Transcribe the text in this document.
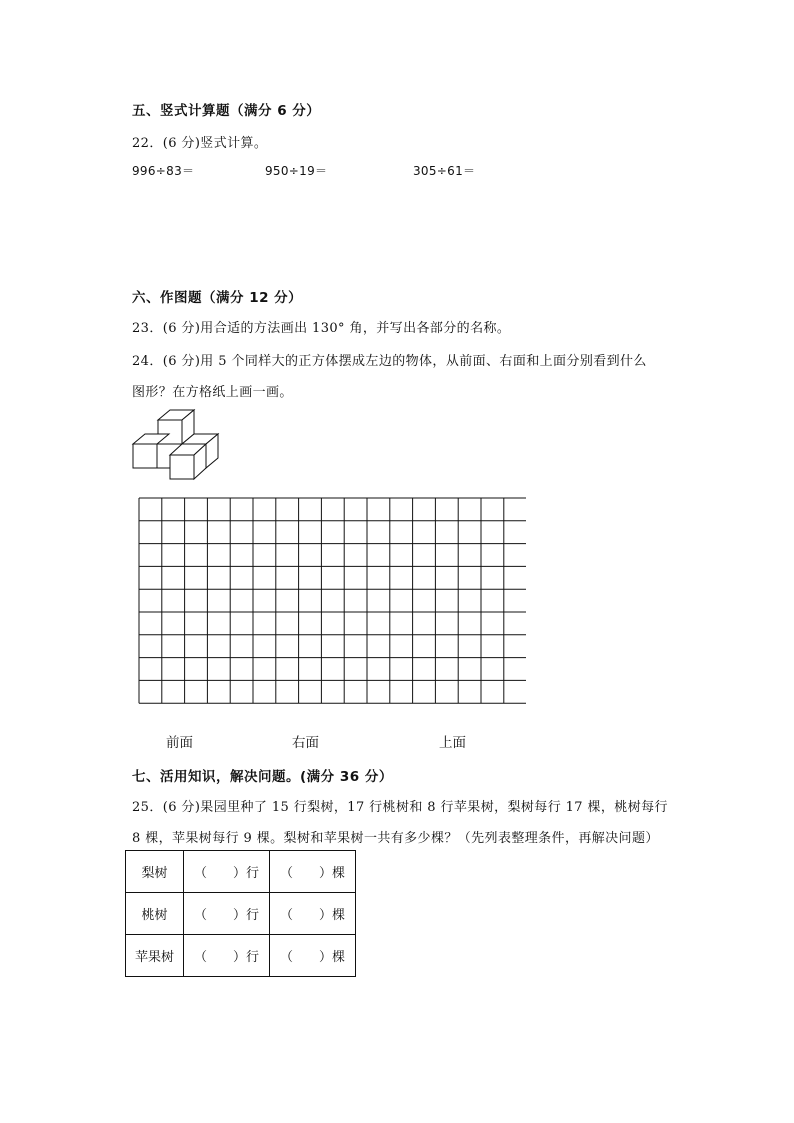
五、竖式计算题（满分 6 分）
22．(6 分)竖式计算。
996÷83＝	950÷19＝	305÷61＝
六、作图题（满分 12 分）
23．(6 分)用合适的方法画出 130° 角，并写出各部分的名称。
24．(6 分)用 5 个同样大的正方体摆成左边的物体，从前面、右面和上面分别看到什么
图形？在方格纸上画一画。
前面	右面	上面
七、活用知识，解决问题。(满分 36 分）
25．(6 分)果园里种了 15 行梨树，17 行桃树和 8 行苹果树，梨树每行 17 棵，桃树每行
8 棵，苹果树每行 9 棵。梨树和苹果树一共有多少棵？（先列表整理条件，再解决问题）
梨树	（　　）行	（　　）棵
桃树	（　　）行	（　　）棵
苹果树	（　　）行	（　　）棵
